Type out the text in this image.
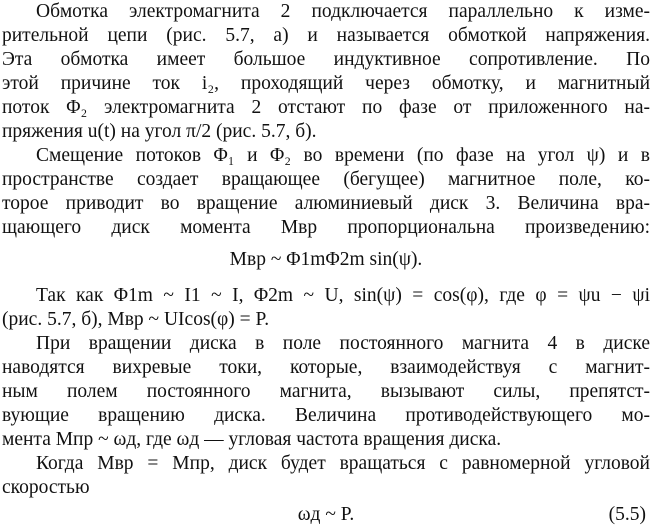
Обмотка электромагнита 2 подключается параллельно к изме-
рительной цепи (рис. 5.7, а) и называется обмоткой напряжения.
Эта обмотка имеет большое индуктивное сопротивление. По
этой причине ток i₂, проходящий через обмотку, и магнитный
поток Φ₂ электромагнита 2 отстают по фазе от приложенного на-
пряжения u(t) на угол π/2 (рис. 5.7, б).
Смещение потоков Φ₁ и Φ₂ во времени (по фазе на угол ψ) и в
пространстве создает вращающее (бегущее) магнитное поле, ко-
торое приводит во вращение алюминиевый диск 3. Величина вра-
щающего диск момента Mвр пропорциональна произведению:
Mвр ~ Φ1mΦ2m sin(ψ).
Так как Φ1m ~ I1 ~ I, Φ2m ~ U, sin(ψ) = cos(φ), где φ = ψu − ψi
(рис. 5.7, б), Mвр ~ UIcos(φ) = P.
При вращении диска в поле постоянного магнита 4 в диске
наводятся вихревые токи, которые, взаимодействуя с магнит-
ным полем постоянного магнита, вызывают силы, препятст-
вующие вращению диска. Величина противодействующего мо-
мента Mпр ~ ωд, где ωд — угловая частота вращения диска.
Когда Mвр = Mпр, диск будет вращаться с равномерной угловой
скоростью
ωд ~ P.	(5.5)
